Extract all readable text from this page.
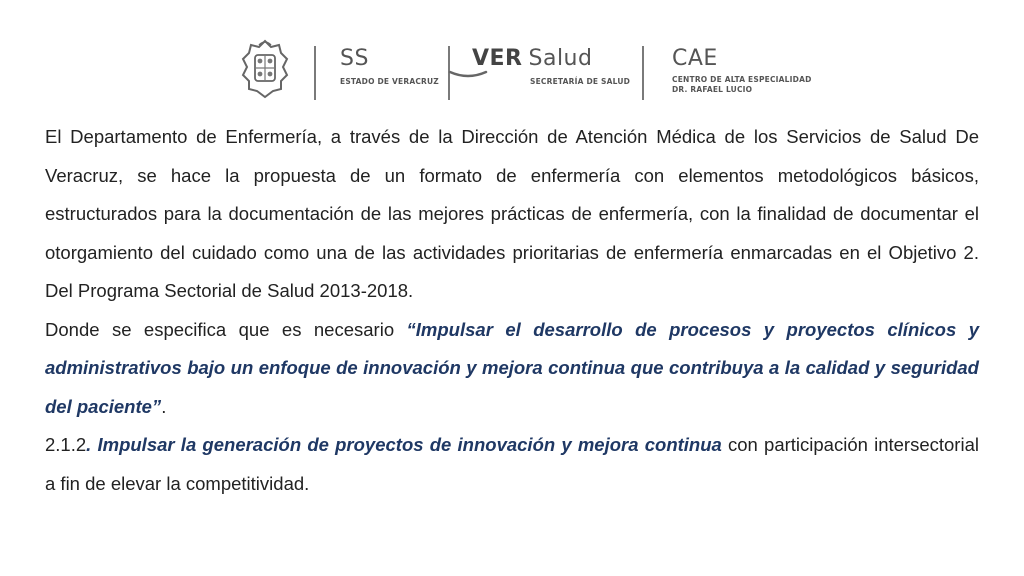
SS
ESTADO DE VERACRUZ
VER Salud
SECRETARÍA DE SALUD
CAE
CENTRO DE ALTA ESPECIALIDAD
DR. RAFAEL LUCIO

El Departamento de Enfermería, a través de la Dirección de Atención Médica de los Servicios de Salud De Veracruz, se hace la propuesta de un formato de enfermería con elementos metodológicos básicos, estructurados para la documentación de las mejores prácticas de enfermería, con la finalidad de documentar el otorgamiento del cuidado como una de las actividades prioritarias de enfermería enmarcadas en el Objetivo 2. Del Programa Sectorial de Salud 2013-2018.

Donde se especifica que es necesario “Impulsar el desarrollo de procesos y proyectos clínicos y administrativos bajo un enfoque de innovación y mejora continua que contribuya a la calidad y seguridad del paciente”.

2.1.2. Impulsar la generación de proyectos de innovación y mejora continua con participación intersectorial a fin de elevar la competitividad.
